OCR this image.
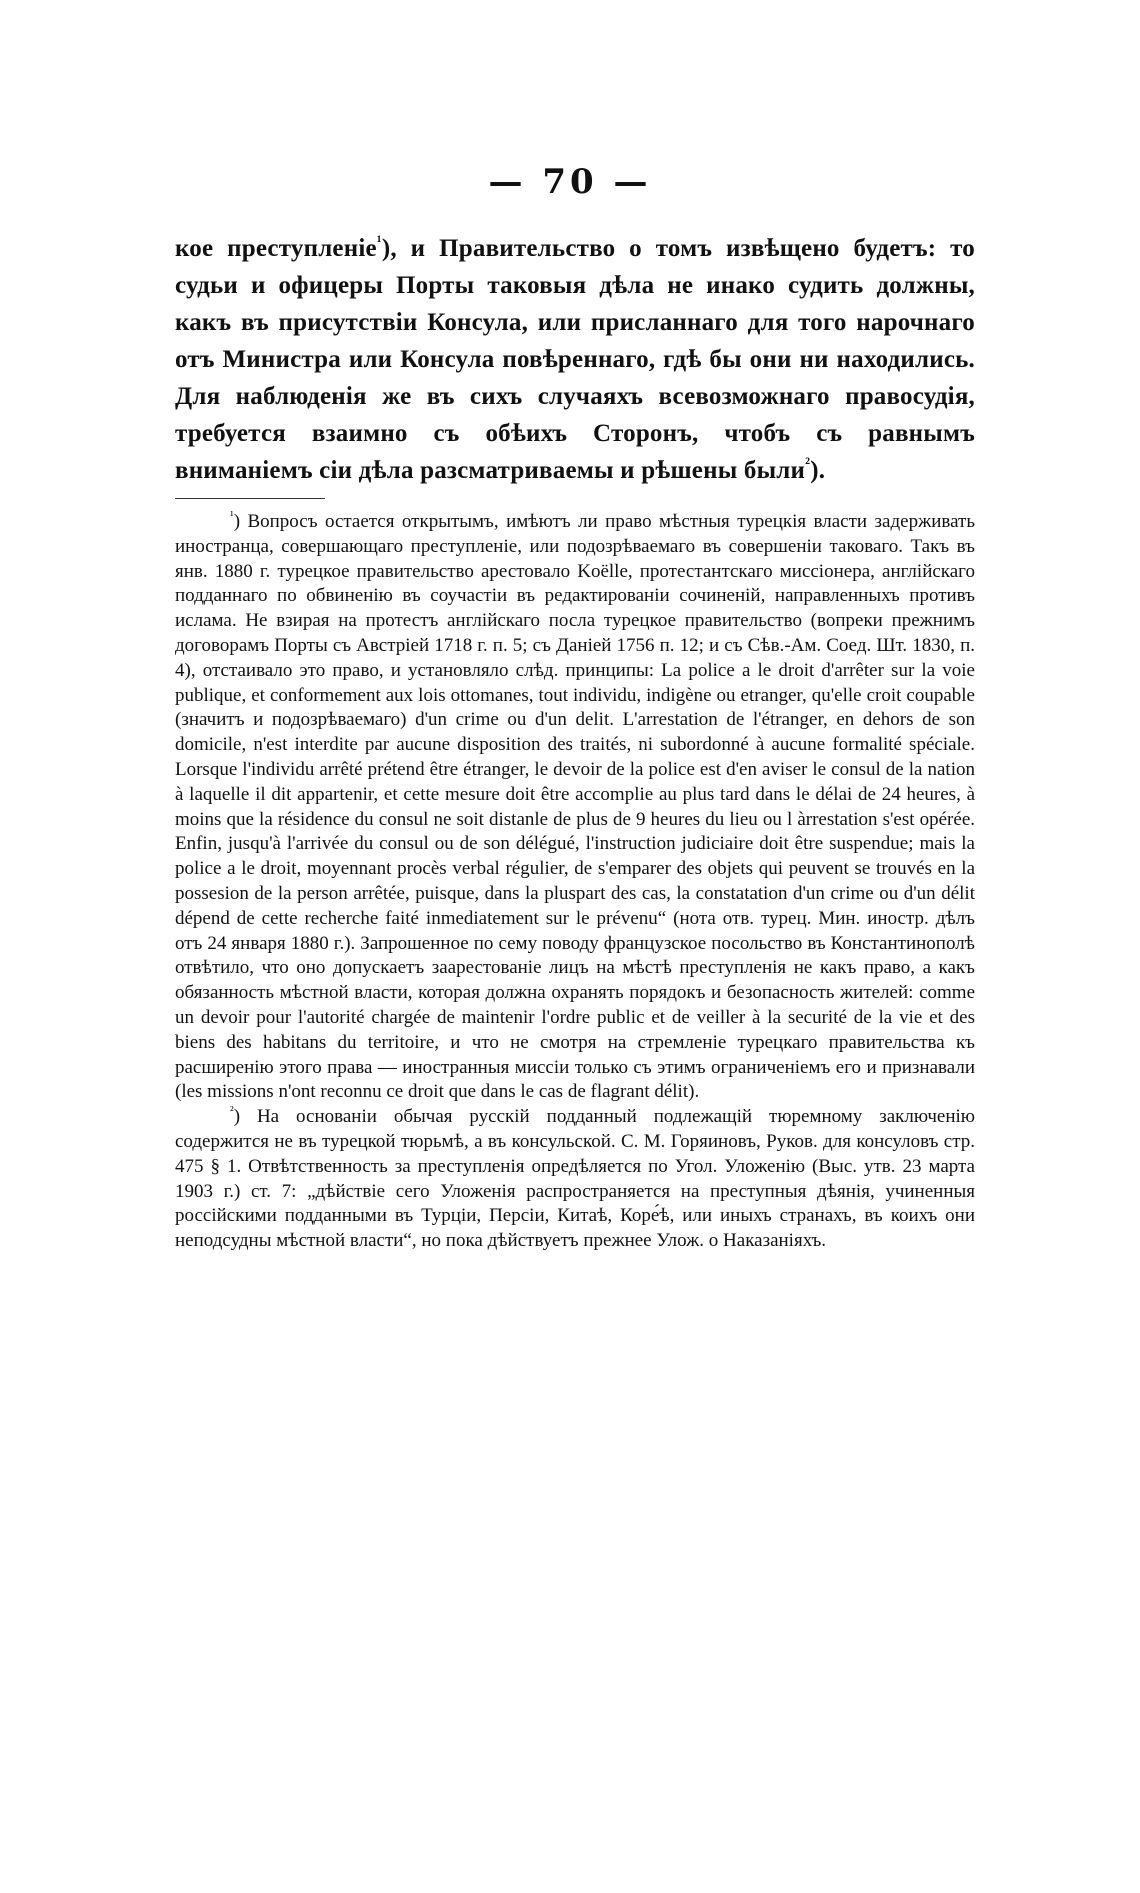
— 70 —

кое преступленіе$^{^1}$), и Правительство о томъ извѣщено будетъ: то судьи и офицеры Порты таковыя дѣла не инако судить должны, какъ въ присутствіи Консула, или присланнаго для того нарочнаго отъ Министра или Консула повѣреннаго, гдѣ бы они ни находились. Для наблюденія же въ сихъ случаяхъ всевозможнаго правосудія, требуется взаимно съ обѣихъ Сторонъ, чтобъ съ равнымъ вниманіемъ сіи дѣла разсматриваемы и рѣшены были$^{^2}$).

$^{^1}$) Вопросъ остается открытымъ, имѣютъ ли право мѣстныя турецкія власти задерживать иностранца, совершающаго преступленіе, или подозрѣваемаго въ совершеніи таковаго. Такъ въ янв. 1880 г. турецкое правительство арестовало Koëlle, протестантскаго миссіонера, англійскаго подданнаго по обвиненію въ соучастіи въ редактированіи сочиненій, направленныхъ противъ ислама. Не взирая на протестъ англійскаго посла турецкое правительство (вопреки прежнимъ договорамъ Порты съ Австріей 1718 г. п. 5; съ Даніей 1756 п. 12; и съ Сѣв.-Ам. Соед. Шт. 1830, п. 4), отстаивало это право, и установляло слѣд. принципы: La police a le droit d'arrêter sur la voie publique, et conformement aux lois ottomanes, tout individu, indigène ou etranger, qu'elle croit coupable (значитъ и подозрѣваемаго) d'un crime ou d'un delit. L'arrestation de l'étranger, en dehors de son domicile, n'est interdite par aucune disposition des traités, ni subordonné à aucune formalité spéciale. Lorsque l'individu arrêté prétend être étranger, le devoir de la police est d'en aviser le consul de la nation à laquelle il dit appartenir, et cette mesure doit être accomplie au plus tard dans le délai de 24 heures, à moins que la résidence du consul ne soit distanle de plus de 9 heures du lieu ou l àrrestation s'est opérée. Enfin, jusqu'à l'arrivée du consul ou de son délégué, l'instruction judiciaire doit être suspendue; mais la police a le droit, moyennant procès verbal régulier, de s'emparer des objets qui peuvent se trouvés en la possesion de la person arrêtée, puisque, dans la pluspart des cas, la constatation d'un crime ou d'un délit dépend de cette recherche faité inmediatement sur le prévenu“ (нота отв. турец. Мин. иностр. дѣлъ отъ 24 января 1880 г.). Запрошенное по сему поводу французское посольство въ Константинополѣ отвѣтило, что оно допускаетъ заарестованіе лицъ на мѣстѣ преступленія не какъ право, а какъ обязанность мѣстной власти, которая должна охранять порядокъ и безопасность жителей: comme un devoir pour l'autorité chargée de maintenir l'ordre public et de veiller à la securité de la vie et des biens des habitans du territoire, и что не смотря на стремленіе турецкаго правительства къ расширенію этого права — иностранныя миссіи только съ этимъ ограниченіемъ его и признавали (les missions n'ont reconnu ce droit que dans le cas de flagrant délit).

$^{^2}$) На основаніи обычая русскій подданный подлежащій тюремному заключенію содержится не въ турецкой тюрьмѣ, а въ консульской. С. М. Горяиновъ, Руков. для консуловъ стр. 475 § 1. Отвѣтственность за преступленія опредѣляется по Угол. Уложенію (Выс. утв. 23 марта 1903 г.) ст. 7: „дѣйствіе сего Уложенія распространяется на преступныя дѣянія, учиненныя россійскими подданными въ Турціи, Персіи, Китаѣ, Коре́ѣ, или иныхъ странахъ, въ коихъ они неподсудны мѣстной власти“, но пока дѣйствуетъ прежнее Улож. о Наказаніяхъ.
